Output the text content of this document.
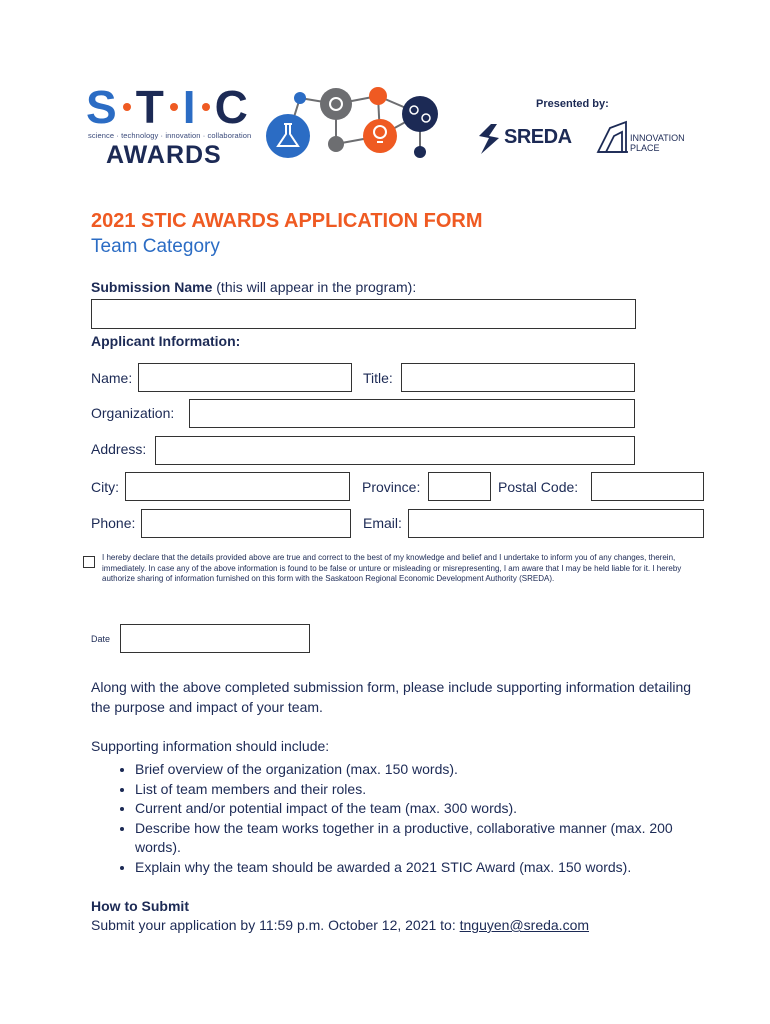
S T I C
science · technology · innovation · collaboration
AWARDS
Presented by:
SREDA	INNOVATION
PLACE
2021 STIC AWARDS APPLICATION FORM
Team Category
Submission Name (this will appear in the program):
Applicant Information:
Name:	Title:
Organization:
Address:
City:	Province:	Postal Code:
Phone:	Email:
I hereby declare that the details provided above are true and correct to the best of my knowledge and belief and I undertake to inform you of any changes, therein, immediately. In case any of the above information is found to be false or unture or misleading or misrepresenting, I am aware that I may be held liable for it. I hereby authorize sharing of information furnished on this form with the Saskatoon Regional Economic Development Authority (SREDA).
Date
Along with the above completed submission form, please include supporting information detailing the purpose and impact of your team.
Supporting information should include:
• Brief overview of the organization (max. 150 words).
• List of team members and their roles.
• Current and/or potential impact of the team (max. 300 words).
• Describe how the team works together in a productive, collaborative manner (max. 200 words).
• Explain why the team should be awarded a 2021 STIC Award (max. 150 words).
How to Submit
Submit your application by 11:59 p.m. October 12, 2021 to: tnguyen@sreda.com
